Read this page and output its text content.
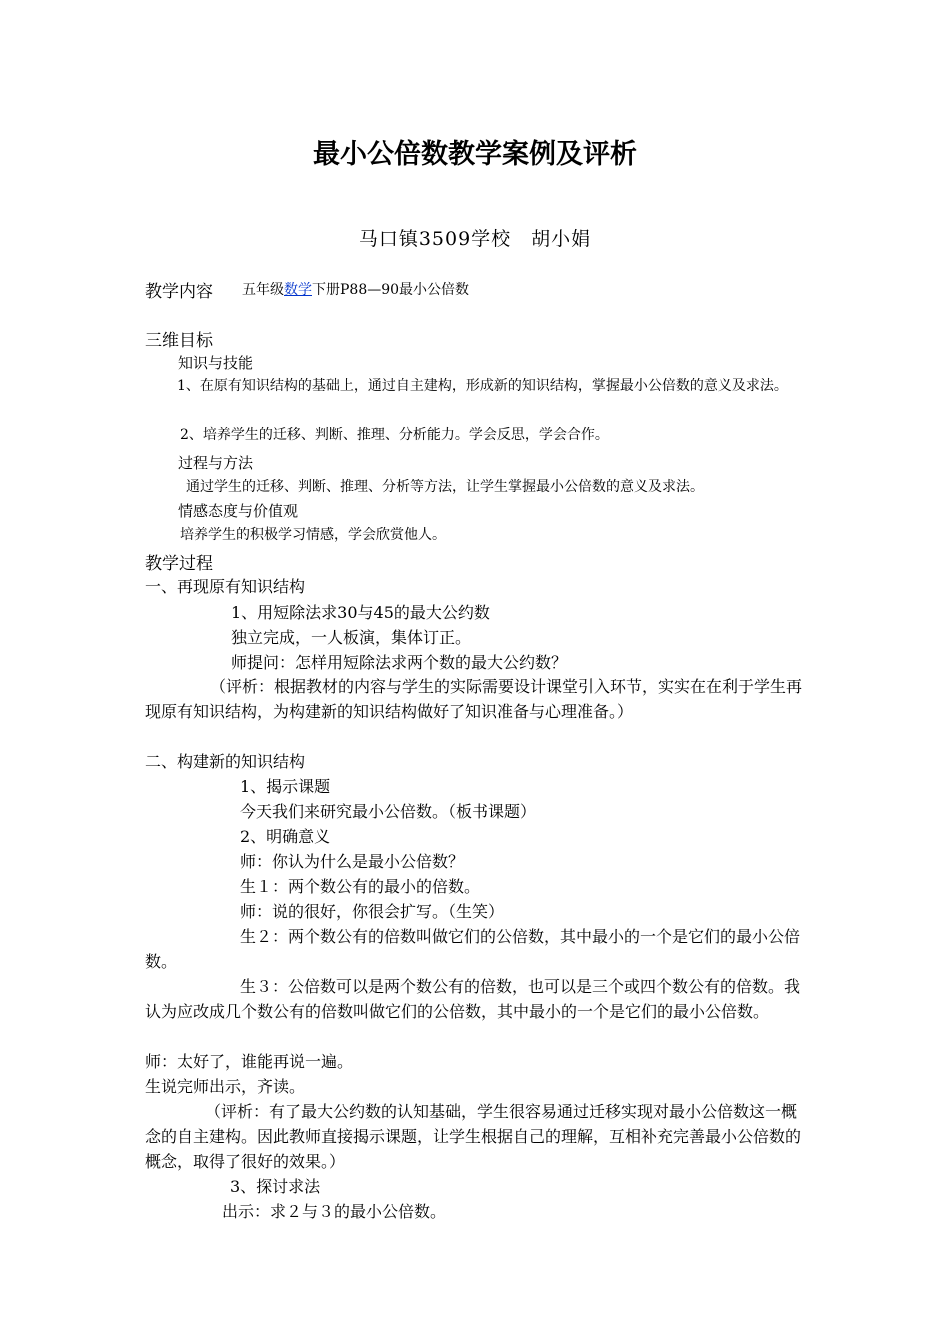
最小公倍数教学案例及评析
马口镇3509学校　胡小娟
教学内容 五年级数学下册P88—90最小公倍数
三维目标
知识与技能
1、在原有知识结构的基础上，通过自主建构，形成新的知识结构，掌握最小公倍数的意义及求法。
2、培养学生的迁移、判断、推理、分析能力。学会反思，学会合作。
过程与方法
通过学生的迁移、判断、推理、分析等方法，让学生掌握最小公倍数的意义及求法。
情感态度与价值观
培养学生的积极学习情感，学会欣赏他人。
教学过程
一、再现原有知识结构
1、用短除法求30与45的最大公约数
独立完成，一人板演，集体订正。
师提问：怎样用短除法求两个数的最大公约数？
（评析：根据教材的内容与学生的实际需要设计课堂引入环节，实实在在利于学生再现原有知识结构，为构建新的知识结构做好了知识准备与心理准备。）
二、构建新的知识结构
1、揭示课题
今天我们来研究最小公倍数。（板书课题）
2、明确意义
师：你认为什么是最小公倍数？
生１：两个数公有的最小的倍数。
师：说的很好，你很会扩写。（生笑）
生２：两个数公有的倍数叫做它们的公倍数，其中最小的一个是它们的最小公倍数。
生３：公倍数可以是两个数公有的倍数，也可以是三个或四个数公有的倍数。我认为应改成几个数公有的倍数叫做它们的公倍数，其中最小的一个是它们的最小公倍数。
师：太好了，谁能再说一遍。
生说完师出示，齐读。
（评析：有了最大公约数的认知基础，学生很容易通过迁移实现对最小公倍数这一概念的自主建构。因此教师直接揭示课题，让学生根据自己的理解，互相补充完善最小公倍数的概念，取得了很好的效果。）
3、探讨求法
出示：求２与３的最小公倍数。
